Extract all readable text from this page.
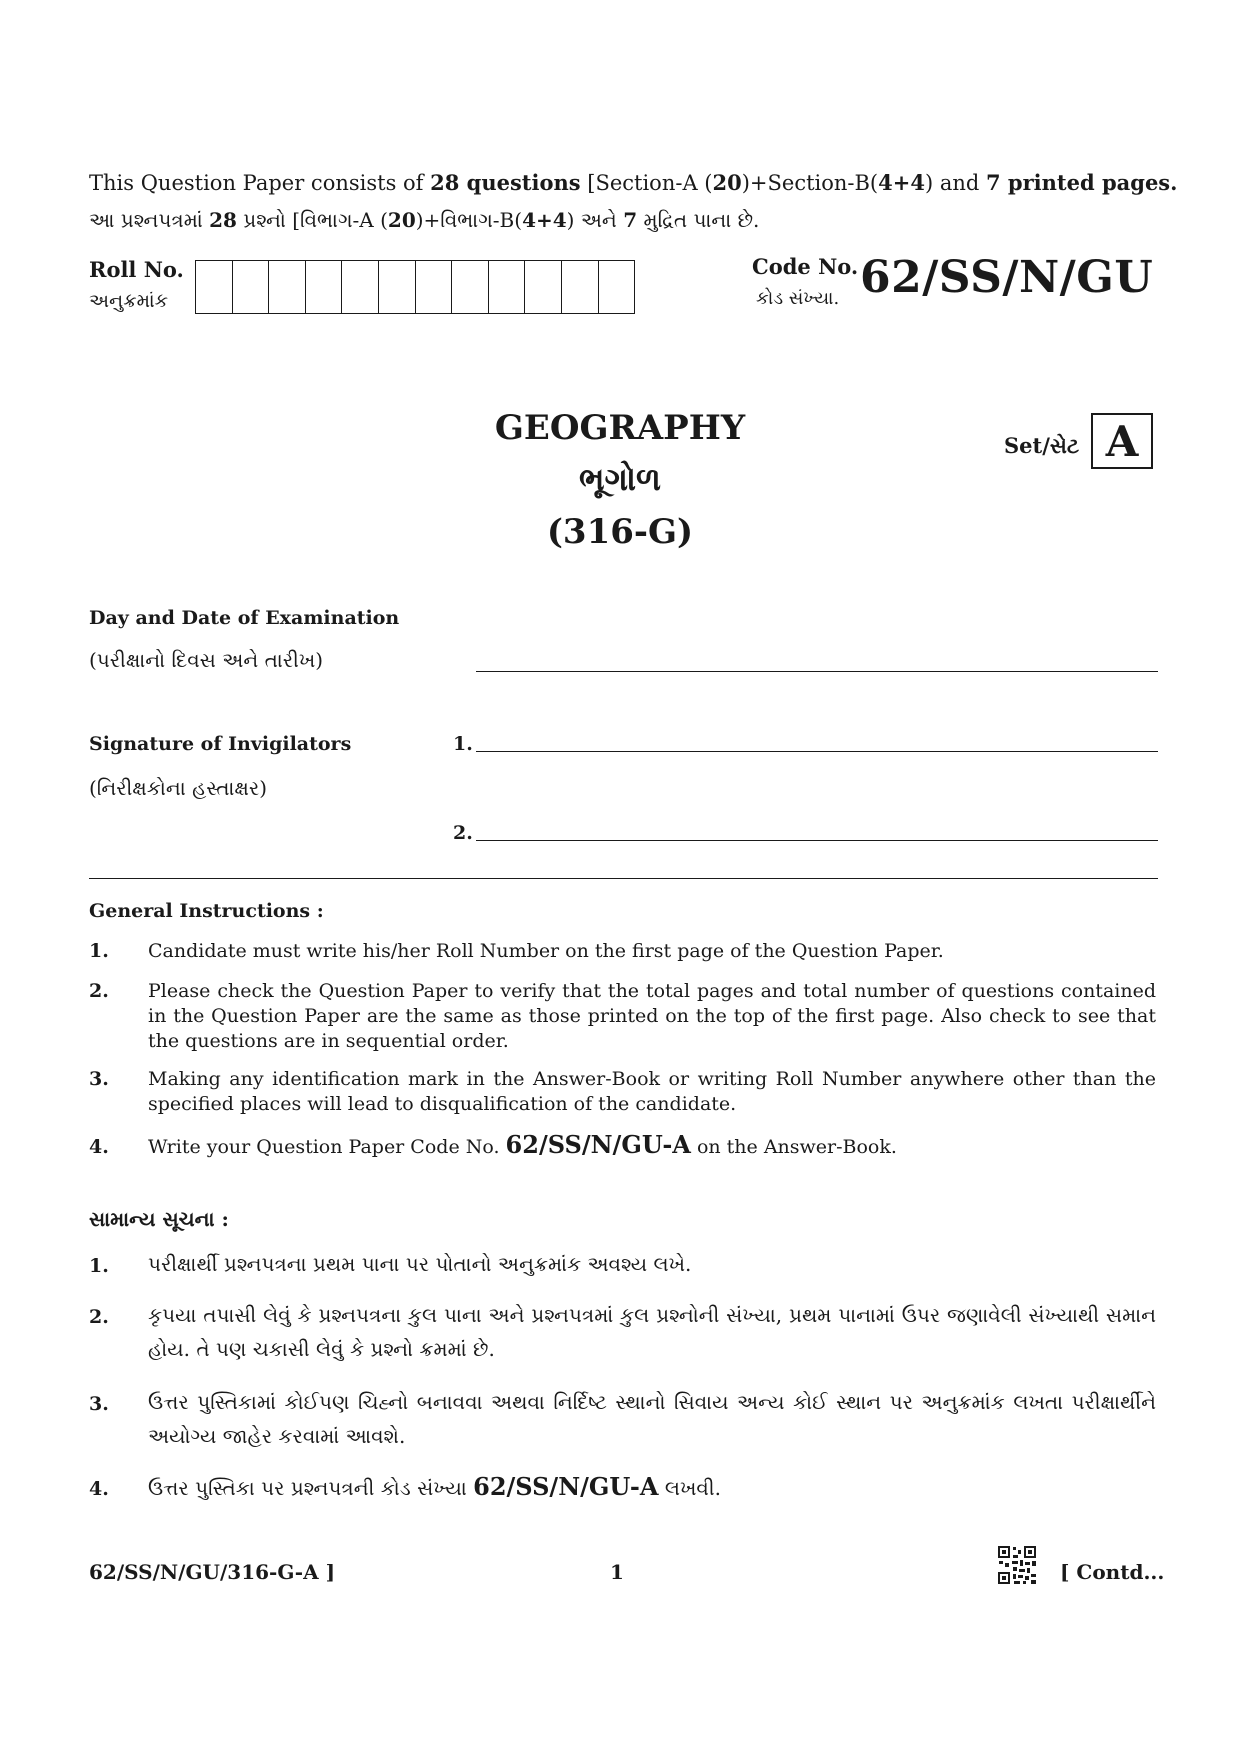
This Question Paper consists of 28 questions [Section-A (20)+Section-B(4+4) and 7 printed pages.
આ પ્રશ્નપત્રમાં 28 પ્રશ્નો [વિભાગ-A (20)+વિભાગ-B(4+4) અને 7 મુદ્રિત પાના છે.
Roll No.
અનુક્રમાંક
Code No.
કોડ સંખ્યા. 62/SS/N/GU
GEOGRAPHY
ભૂગોળ
(316-G)
Set/સેટ A
Day and Date of Examination
(પરીક્ષાનો દિવસ અને તારીખ)
Signature of Invigilators
(નિરીક્ષકોના હસ્તાક્ષર)
1.
2.
General Instructions :
1. Candidate must write his/her Roll Number on the first page of the Question Paper.
2. Please check the Question Paper to verify that the total pages and total number of questions contained in the Question Paper are the same as those printed on the top of the first page. Also check to see that the questions are in sequential order.
3. Making any identification mark in the Answer-Book or writing Roll Number anywhere other than the specified places will lead to disqualification of the candidate.
4. Write your Question Paper Code No. 62/SS/N/GU-A on the Answer-Book.
સામાન્ય સૂચના :
1. પરીક્ષાર્થી પ્રશ્નપત્રના પ્રથમ પાના પર પોતાનો અનુક્રમાંક અવશ્ય લખે.
2. કૃપયા તપાસી લેવું કે પ્રશ્નપત્રના કુલ પાના અને પ્રશ્નપત્રમાં કુલ પ્રશ્નોની સંખ્યા, પ્રથમ પાનામાં ઉપર જણાવેલી સંખ્યાથી સમાન હોય. તે પણ ચકાસી લેવું કે પ્રશ્નો ક્રમમાં છે.
3. ઉત્તર પુસ્તિકામાં કોઈપણ ચિહ્નો બનાવવા અથવા નિર્દિષ્ટ સ્થાનો સિવાય અન્ય કોઈ સ્થાન પર અનુક્રમાંક લખતા પરીક્ષાર્થીને અયોગ્ય જાહેર કરવામાં આવશે.
4. ઉત્તર પુસ્તિકા પર પ્રશ્નપત્રની કોડ સંખ્યા 62/SS/N/GU-A લખવી.
62/SS/N/GU/316-G-A ]	1	[ Contd...
